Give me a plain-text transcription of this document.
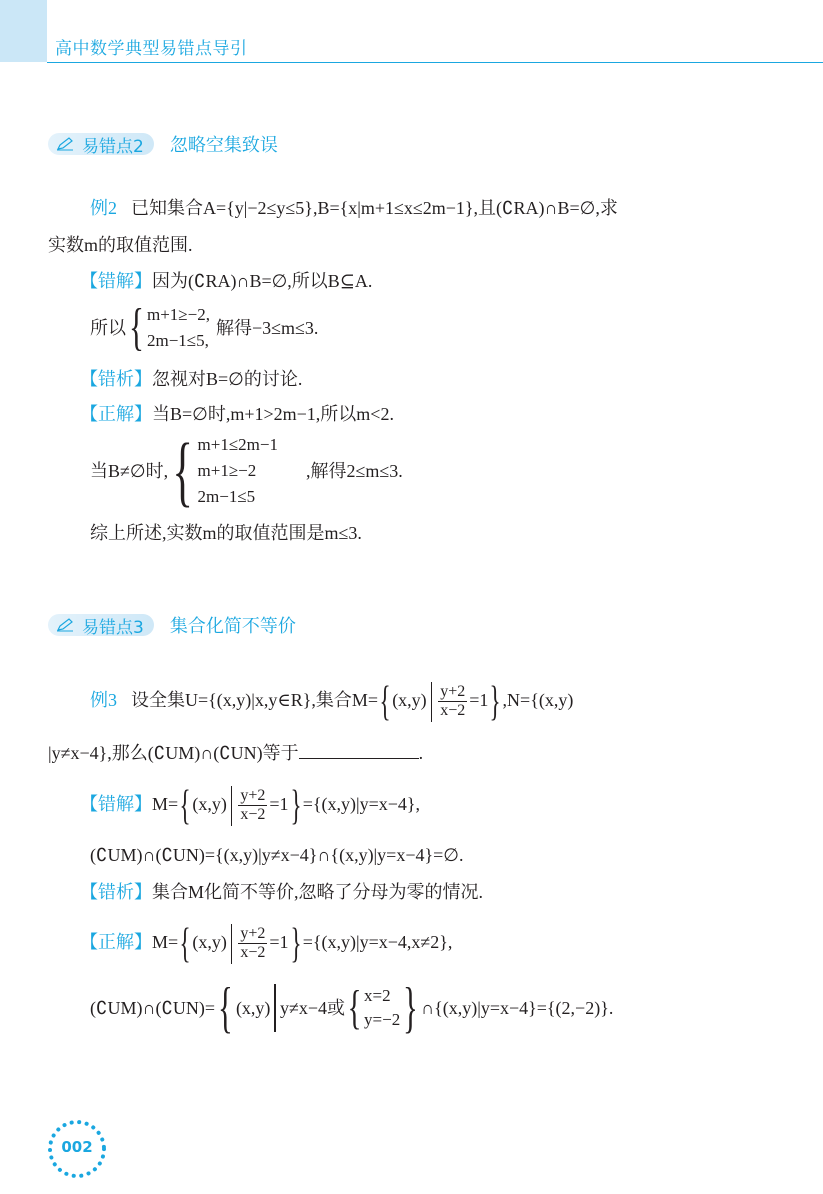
高中数学典型易错点导引
易错点2 忽略空集致误
例2 已知集合A={y|−2≤y≤5},B={x|m+1≤x≤2m−1},且(∁RA)∩B=∅,求
实数m的取值范围.
【错解】因为(∁RA)∩B=∅,所以B⊆A.
所以 { m+1≥−2,
2m−1≤5,
解得−3≤m≤3.
【错析】忽视对B=∅的讨论.
【正解】当B=∅时,m+1>2m−1,所以m<2.
当B≠∅时, { m+1≤2m−1
m+1≥−2
2m−1≤5
,解得2≤m≤3.
综上所述,实数m的取值范围是m≤3.
易错点3 集合化简不等价
例3 设全集U={(x,y)|x,y∈R},集合$M=\{(x,y) \frac{y+2}{x-2} =1\},N=\{(x,y)$
|y≠x−4},那么(∁UM)∩(∁UN)等于	.
【错解】$M=\{(x,y) \frac{y+2}{x-2} =1\}=\{(x,y)|y=x-4\}$,
(∁UM)∩(∁UN)={(x,y)|y≠x−4}∩{(x,y)|y=x−4}=∅.
【错析】集合M化简不等价,忽略了分母为零的情况.
【正解】$M=\{(x,y) \frac{y+2}{x-2} =1\}=\{(x,y)|y=x-4,x\ne 2\}$,
(∁UM)∩(∁UN)= { (x,y) y≠x−4或 { x=2
y=−2 } ∩{(x,y)|y=x−4}={(2,−2)}.
002
